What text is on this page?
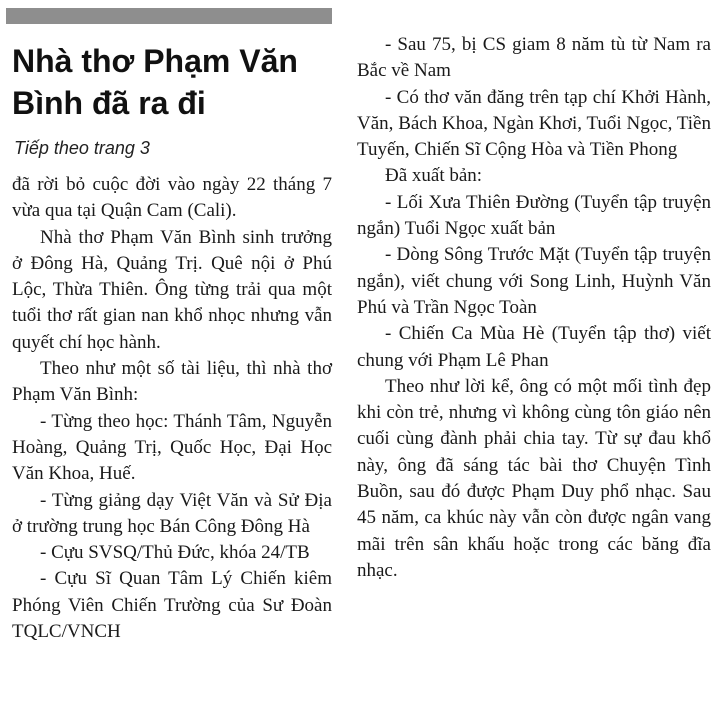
Nhà thơ Phạm Văn Bình đã ra đi
Tiếp theo trang 3

đã rời bỏ cuộc đời vào ngày 22 tháng 7 vừa qua tại Quận Cam (Cali).

Nhà thơ Phạm Văn Bình sinh trưởng ở Đông Hà, Quảng Trị. Quê nội ở Phú Lộc, Thừa Thiên. Ông từng trải qua một tuổi thơ rất gian nan khổ nhọc nhưng vẫn quyết chí học hành.

Theo như một số tài liệu, thì nhà thơ Phạm Văn Bình:

- Từng theo học: Thánh Tâm, Nguyễn Hoàng, Quảng Trị, Quốc Học, Đại Học Văn Khoa, Huế.

- Từng giảng dạy Việt Văn và Sử Địa ở trường trung học Bán Công Đông Hà

- Cựu SVSQ/Thủ Đức, khóa 24/TB

- Cựu Sĩ Quan Tâm Lý Chiến kiêm Phóng Viên Chiến Trường của Sư Đoàn TQLC/VNCH

- Sau 75, bị CS giam 8 năm tù từ Nam ra Bắc về Nam

- Có thơ văn đăng trên tạp chí Khởi Hành, Văn, Bách Khoa, Ngàn Khơi, Tuổi Ngọc, Tiền Tuyến, Chiến Sĩ Cộng Hòa và Tiền Phong

Đã xuất bản:

- Lối Xưa Thiên Đường (Tuyển tập truyện ngắn) Tuổi Ngọc xuất bản

- Dòng Sông Trước Mặt (Tuyển tập truyện ngắn), viết chung với Song Linh, Huỳnh Văn Phú và Trần Ngọc Toàn

- Chiến Ca Mùa Hè (Tuyển tập thơ) viết chung với Phạm Lê Phan

Theo như lời kể, ông có một mối tình đẹp khi còn trẻ, nhưng vì không cùng tôn giáo nên cuối cùng đành phải chia tay. Từ sự đau khổ này, ông đã sáng tác bài thơ Chuyện Tình Buồn, sau đó được Phạm Duy phổ nhạc. Sau 45 năm, ca khúc này vẫn còn được ngân vang mãi trên sân khấu hoặc trong các băng đĩa nhạc.
